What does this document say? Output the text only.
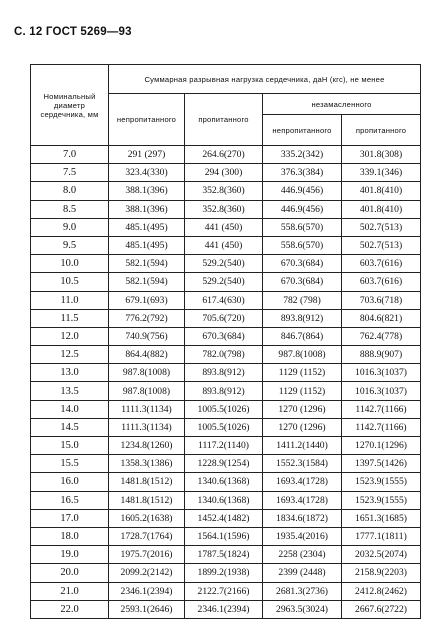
С. 12 ГОСТ 5269—93
Номинальный диаметр сердечника, мм	Суммарная разрывная нагрузка сердечника, даН (кгс), не менее			
	непропитанного	пропитанного	незамасленного	
			непропитанного	пропитанного
7.0	291 (297)	264.6(270)	335.2(342)	301.8(308)
7.5	323.4(330)	294 (300)	376.3(384)	339.1(346)
8.0	388.1(396)	352.8(360)	446.9(456)	401.8(410)
8.5	388.1(396)	352.8(360)	446.9(456)	401.8(410)
9.0	485.1(495)	441 (450)	558.6(570)	502.7(513)
9.5	485.1(495)	441 (450)	558.6(570)	502.7(513)
10.0	582.1(594)	529.2(540)	670.3(684)	603.7(616)
10.5	582.1(594)	529.2(540)	670.3(684)	603.7(616)
11.0	679.1(693)	617.4(630)	782 (798)	703.6(718)
11.5	776.2(792)	705.6(720)	893.8(912)	804.6(821)
12.0	740.9(756)	670.3(684)	846.7(864)	762.4(778)
12.5	864.4(882)	782.0(798)	987.8(1008)	888.9(907)
13.0	987.8(1008)	893.8(912)	1129 (1152)	1016.3(1037)
13.5	987.8(1008)	893.8(912)	1129 (1152)	1016.3(1037)
14.0	1111.3(1134)	1005.5(1026)	1270 (1296)	1142.7(1166)
14.5	1111.3(1134)	1005.5(1026)	1270 (1296)	1142.7(1166)
15.0	1234.8(1260)	1117.2(1140)	1411.2(1440)	1270.1(1296)
15.5	1358.3(1386)	1228.9(1254)	1552.3(1584)	1397.5(1426)
16.0	1481.8(1512)	1340.6(1368)	1693.4(1728)	1523.9(1555)
16.5	1481.8(1512)	1340.6(1368)	1693.4(1728)	1523.9(1555)
17.0	1605.2(1638)	1452.4(1482)	1834.6(1872)	1651.3(1685)
18.0	1728.7(1764)	1564.1(1596)	1935.4(2016)	1777.1(1811)
19.0	1975.7(2016)	1787.5(1824)	2258 (2304)	2032.5(2074)
20.0	2099.2(2142)	1899.2(1938)	2399 (2448)	2158.9(2203)
21.0	2346.1(2394)	2122.7(2166)	2681.3(2736)	2412.8(2462)
22.0	2593.1(2646)	2346.1(2394)	2963.5(3024)	2667.6(2722)
